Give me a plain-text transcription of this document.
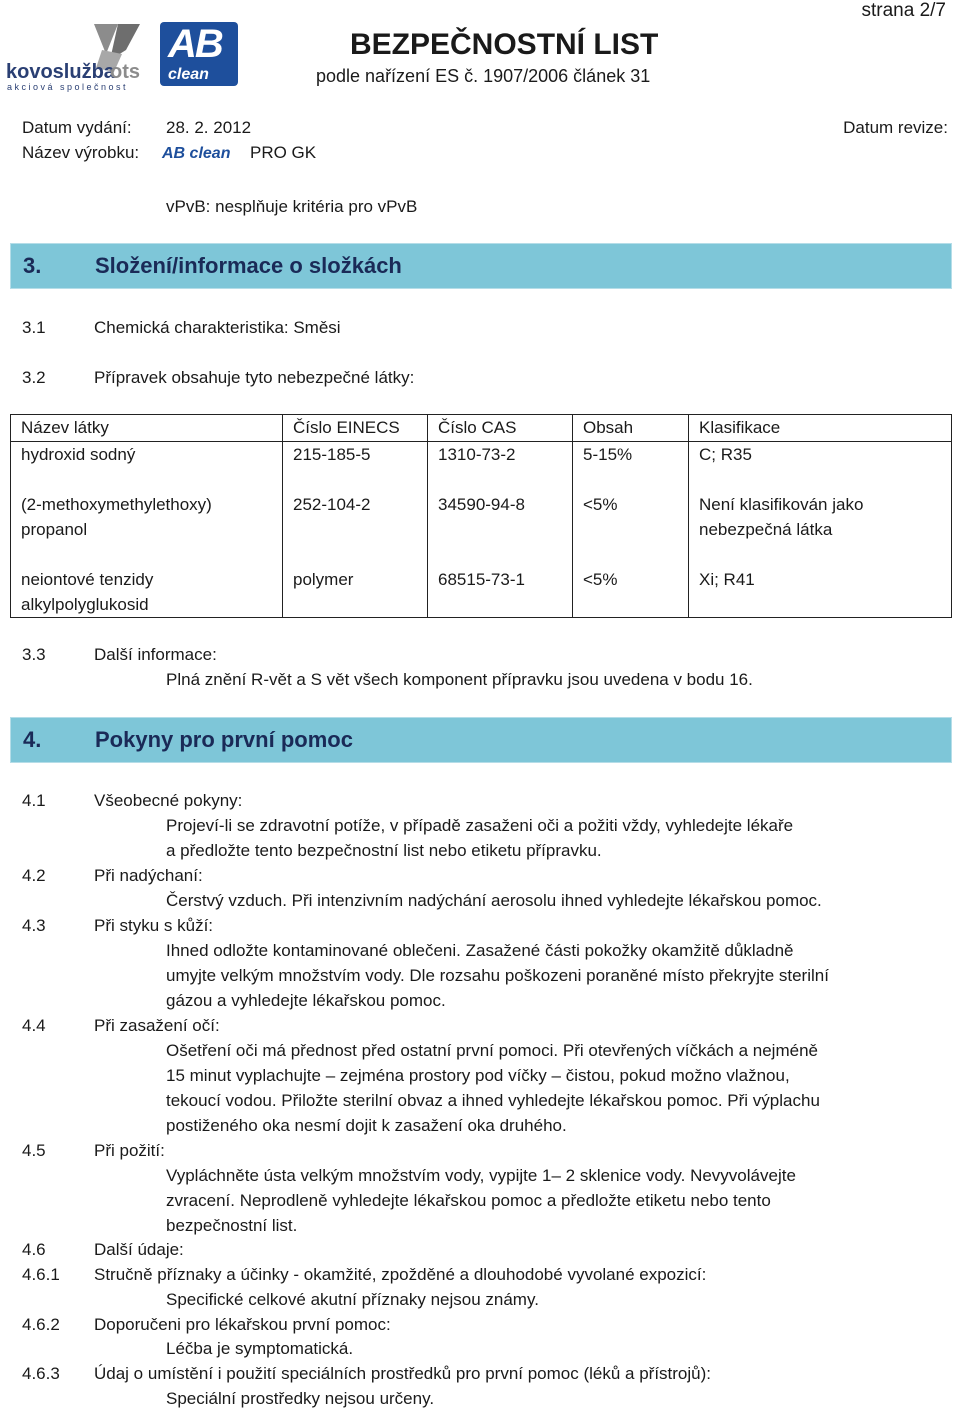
strana 2/7
kovoslužba
ots
akciová společnost
AB
clean
BEZPEČNOSTNÍ LIST
podle nařízení ES č. 1907/2006 článek 31
Datum vydání: 28. 2. 2012	Datum revize:
Název výrobku: AB clean PRO GK
vPvB: nesplňuje kritéria pro vPvB
3. Složení/informace o složkách
3.1	Chemická charakteristika: Směsi
3.2	Přípravek obsahuje tyto nebezpečné látky:
Název látky	Číslo EINECS	Číslo CAS	Obsah	Klasifikace
hydroxid sodný	215-185-5	1310-73-2	5-15%	C; R35
(2-methoxymethylethoxy) propanol	252-104-2	34590-94-8	<5%	Není klasifikován jako nebezpečná látka
neiontové tenzidy alkylpolyglukosid	polymer	68515-73-1	<5%	Xi; R41
3.3	Další informace:
Plná znění R-vět a S vět všech komponent přípravku jsou uvedena v bodu 16.
4. Pokyny pro první pomoc
4.1	Všeobecné pokyny:
Projeví-li se zdravotní potíže, v případě zasaženi oči a požiti vždy, vyhledejte lékaře
a předložte tento bezpečnostní list nebo etiketu přípravku.
4.2	Při nadýchaní:
Čerstvý vzduch. Při intenzivním nadýchání aerosolu ihned vyhledejte lékařskou pomoc.
4.3	Při styku s kůží:
Ihned odložte kontaminované oblečeni. Zasažené části pokožky okamžitě důkladně
umyjte velkým množstvím vody. Dle rozsahu poškozeni poraněné místo překryjte sterilní
gázou a vyhledejte lékařskou pomoc.
4.4	Při zasažení očí:
Ošetření oči má přednost před ostatní první pomoci. Při otevřených víčkách a nejméně
15 minut vyplachujte – zejména prostory pod víčky – čistou, pokud možno vlažnou,
tekoucí vodou. Přiložte sterilní obvaz a ihned vyhledejte lékařskou pomoc. Při výplachu
postiženého oka nesmí dojit k zasažení oka druhého.
4.5	Při požití:
Vypláchněte ústa velkým množstvím vody, vypijte 1– 2 sklenice vody. Nevyvolávejte
zvracení. Neprodleně vyhledejte lékařskou pomoc a předložte etiketu nebo tento
bezpečnostní list.
4.6	Další údaje:
4.6.1 Stručně příznaky a účinky - okamžité, zpožděné a dlouhodobé vyvolané expozicí:
Specifické celkové akutní příznaky nejsou známy.
4.6.2 Doporučeni pro lékařskou první pomoc:
Léčba je symptomatická.
4.6.3 Údaj o umístění i použití speciálních prostředků pro první pomoc (léků a přístrojů):
Speciální prostředky nejsou určeny.
